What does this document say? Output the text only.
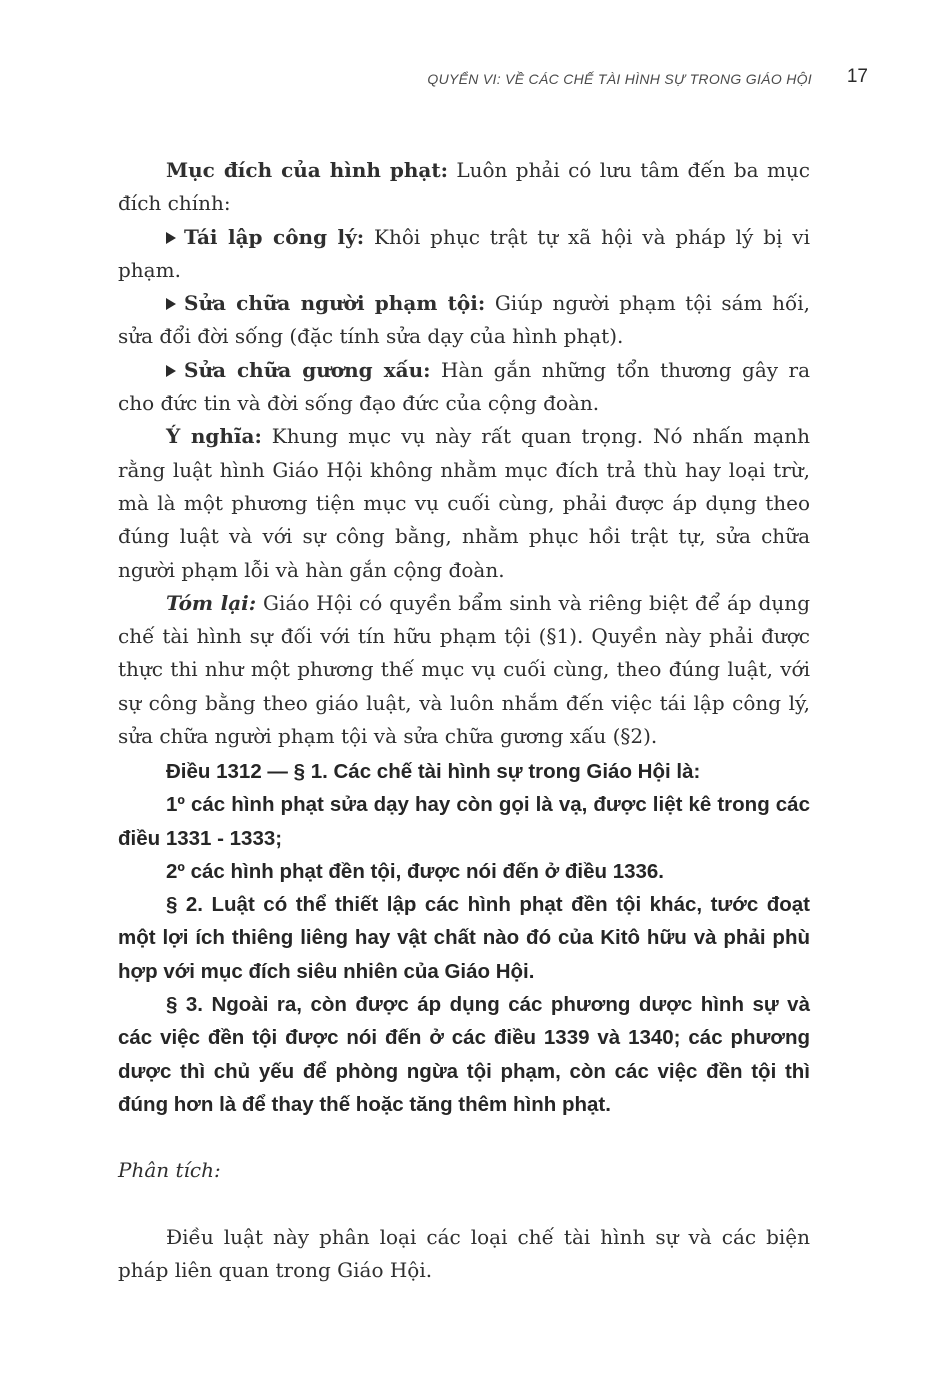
QUYỂN VI: VỀ CÁC CHẾ TÀI HÌNH SỰ TRONG GIÁO HỘI 17

Mục đích của hình phạt: Luôn phải có lưu tâm đến ba mục đích chính:

Tái lập công lý: Khôi phục trật tự xã hội và pháp lý bị vi phạm.

Sửa chữa người phạm tội: Giúp người phạm tội sám hối, sửa đổi đời sống (đặc tính sửa dạy của hình phạt).

Sửa chữa gương xấu: Hàn gắn những tổn thương gây ra cho đức tin và đời sống đạo đức của cộng đoàn.

Ý nghĩa: Khung mục vụ này rất quan trọng. Nó nhấn mạnh rằng luật hình Giáo Hội không nhằm mục đích trả thù hay loại trừ, mà là một phương tiện mục vụ cuối cùng, phải được áp dụng theo đúng luật và với sự công bằng, nhằm phục hồi trật tự, sửa chữa người phạm lỗi và hàn gắn cộng đoàn.

Tóm lại: Giáo Hội có quyền bẩm sinh và riêng biệt để áp dụng chế tài hình sự đối với tín hữu phạm tội (§1). Quyền này phải được thực thi như một phương thế mục vụ cuối cùng, theo đúng luật, với sự công bằng theo giáo luật, và luôn nhắm đến việc tái lập công lý, sửa chữa người phạm tội và sửa chữa gương xấu (§2).

Điều 1312 — § 1. Các chế tài hình sự trong Giáo Hội là:

1º các hình phạt sửa dạy hay còn gọi là vạ, được liệt kê trong các điều 1331 - 1333;

2º các hình phạt đền tội, được nói đến ở điều 1336.

§ 2. Luật có thể thiết lập các hình phạt đền tội khác, tước đoạt một lợi ích thiêng liêng hay vật chất nào đó của Kitô hữu và phải phù hợp với mục đích siêu nhiên của Giáo Hội.

§ 3. Ngoài ra, còn được áp dụng các phương dược hình sự và các việc đền tội được nói đến ở các điều 1339 và 1340; các phương dược thì chủ yếu để phòng ngừa tội phạm, còn các việc đền tội thì đúng hơn là để thay thế hoặc tăng thêm hình phạt.

Phân tích:

Điều luật này phân loại các loại chế tài hình sự và các biện pháp liên quan trong Giáo Hội.
